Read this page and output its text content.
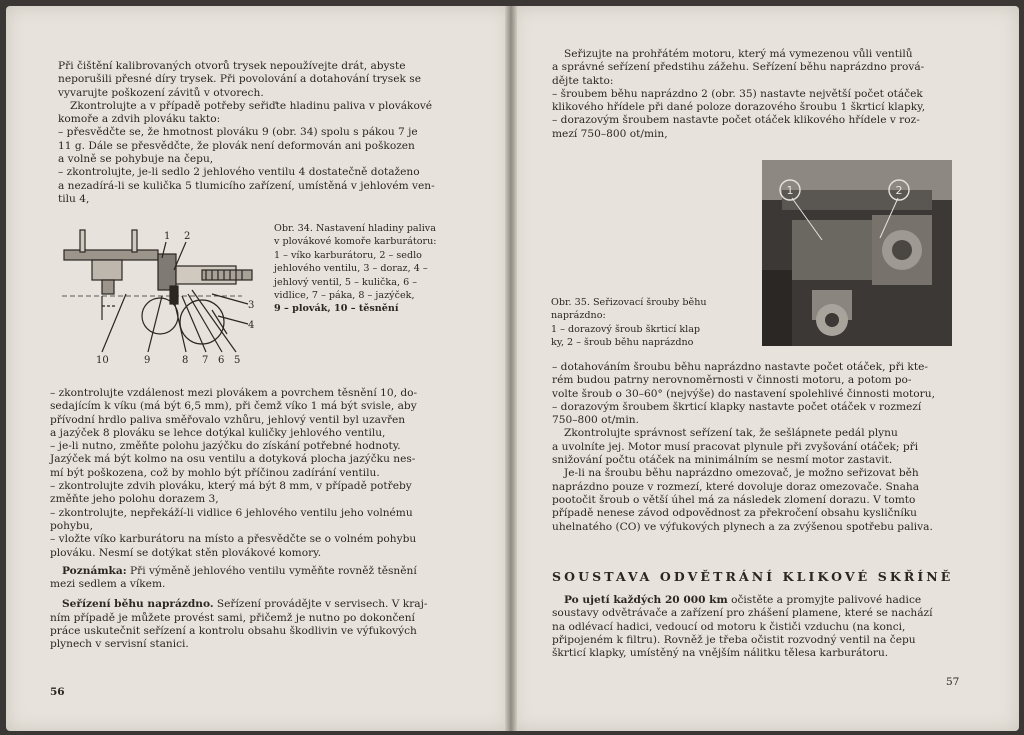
Při čištění kalibrovaných otvorů trysek nepoužívejte drát, abyste
neporušili přesné díry trysek. Při povolování a dotahování trysek se
vyvarujte poškození závitů v otvorech.
Zkontrolujte a v případě potřeby seřiďte hladinu paliva v plovákové
komoře a zdvih plováku takto:
– přesvědčte se, že hmotnost plováku 9 (obr. 34) spolu s pákou 7 je
11 g. Dále se přesvědčte, že plovák není deformován ani poškozen
a volně se pohybuje na čepu,
– zkontrolujte, je-li sedlo 2 jehlového ventilu 4 dostatečně dotaženo
a nezadírá-li se kulička 5 tlumicího zařízení, umístěná v jehlovém ven-
tilu 4,
1 2
3
4
10	9	8 7 6 5
Obr. 34. Nastavení hladiny paliva
v plovákové komoře karburátoru:
1 – víko karburátoru, 2 – sedlo
jehlového ventilu, 3 – doraz, 4 –
jehlový ventil, 5 – kulička, 6 –
vidlice, 7 – páka, 8 – jazýček,
9 – plovák, 10 – těsnění
– zkontrolujte vzdálenost mezi plovákem a povrchem těsnění 10, do-
sedajícím k víku (má být 6,5 mm), při čemž víko 1 má být svisle, aby
přívodní hrdlo paliva směřovalo vzhůru, jehlový ventil byl uzavřen
a jazýček 8 plováku se lehce dotýkal kuličky jehlového ventilu,
– je-li nutno, změňte polohu jazýčku do získání potřebné hodnoty.
Jazýček má být kolmo na osu ventilu a dotyková plocha jazýčku nes-
mí být poškozena, což by mohlo být příčinou zadírání ventilu.
– zkontrolujte zdvih plováku, který má být 8 mm, v případě potřeby
změňte jeho polohu dorazem 3,
– zkontrolujte, nepřekáží-li vidlice 6 jehlového ventilu jeho volnému
pohybu,
– vložte víko karburátoru na místo a přesvědčte se o volném pohybu
plováku. Nesmí se dotýkat stěn plovákové komory.
Poznámka: Při výměně jehlového ventilu vyměňte rovněž těsnění
mezi sedlem a víkem.
Seřízení běhu naprázdno. Seřízení provádějte v servisech. V kraj-
ním případě je můžete provést sami, přičemž je nutno po dokončení
práce uskutečnit seřízení a kontrolu obsahu škodlivin ve výfukových
plynech v servisní stanici.
56
Seřizujte na prohřátém motoru, který má vymezenou vůli ventilů
a správné seřízení předstihu zážehu. Seřízení běhu naprázdno prová-
dějte takto:
– šroubem běhu naprázdno 2 (obr. 35) nastavte největší počet otáček
klikového hřídele při dané poloze dorazového šroubu 1 škrticí klapky,
– dorazovým šroubem nastavte počet otáček klikového hřídele v roz-
mezí 750–800 ot/min,
1	2
Obr. 35. Seřizovací šrouby běhu
naprázdno:
1 – dorazový šroub škrticí klap
ky, 2 – šroub běhu naprázdno
– dotahováním šroubu běhu naprázdno nastavte počet otáček, při kte-
rém budou patrny nerovnoměrnosti v činnosti motoru, a potom po-
volte šroub o 30–60° (nejvýše) do nastavení spolehlivé činnosti motoru,
– dorazovým šroubem škrticí klapky nastavte počet otáček v rozmezí
750–800 ot/min.
Zkontrolujte správnost seřízení tak, že sešlápnete pedál plynu
a uvolníte jej. Motor musí pracovat plynule při zvyšování otáček; při
snižování počtu otáček na minimálním se nesmí motor zastavit.
Je-li na šroubu běhu naprázdno omezovač, je možno seřizovat běh
naprázdno pouze v rozmezí, které dovoluje doraz omezovače. Snaha
pootočit šroub o větší úhel má za následek zlomení dorazu. V tomto
případě nenese závod odpovědnost za překročení obsahu kysličníku
uhelnatého (CO) ve výfukových plynech a za zvýšenou spotřebu paliva.
SOUSTAVA ODVĚTRÁNÍ KLIKOVÉ SKŘÍNĚ
Po ujetí každých 20 000 km očistěte a promyjte palivové hadice
soustavy odvětrávače a zařízení pro zhášení plamene, které se nachází
na odlévací hadici, vedoucí od motoru k čističi vzduchu (na konci,
připojeném k filtru). Rovněž je třeba očistit rozvodný ventil na čepu
škrticí klapky, umístěný na vnějším nálitku tělesa karburátoru.
57
